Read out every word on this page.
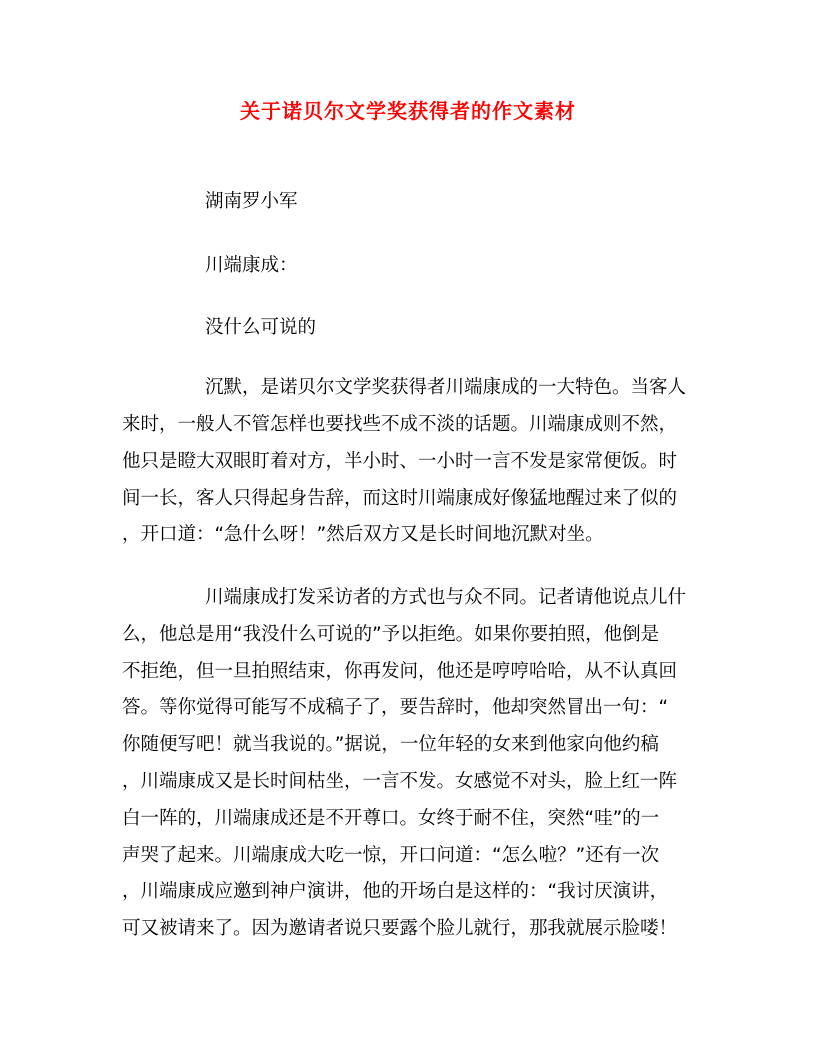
关于诺贝尔文学奖获得者的作文素材
湖南罗小军
川端康成：
没什么可说的
沉默，是诺贝尔文学奖获得者川端康成的一大特色。当客人
来时，一般人不管怎样也要找些不成不淡的话题。川端康成则不然，
他只是瞪大双眼盯着对方，半小时、一小时一言不发是家常便饭。时
间一长，客人只得起身告辞，而这时川端康成好像猛地醒过来了似的
，开口道：“急什么呀！”然后双方又是长时间地沉默对坐。
川端康成打发采访者的方式也与众不同。记者请他说点儿什
么，他总是用“我没什么可说的”予以拒绝。如果你要拍照，他倒是
不拒绝，但一旦拍照结束，你再发问，他还是哼哼哈哈，从不认真回
答。等你觉得可能写不成稿子了，要告辞时，他却突然冒出一句：“
你随便写吧！就当我说的。”据说，一位年轻的女来到他家向他约稿
，川端康成又是长时间枯坐，一言不发。女感觉不对头，脸上红一阵
白一阵的，川端康成还是不开尊口。女终于耐不住，突然“哇”的一
声哭了起来。川端康成大吃一惊，开口问道：“怎么啦？”还有一次
，川端康成应邀到神户演讲，他的开场白是这样的：“我讨厌演讲，
可又被请来了。因为邀请者说只要露个脸儿就行，那我就展示脸喽！
